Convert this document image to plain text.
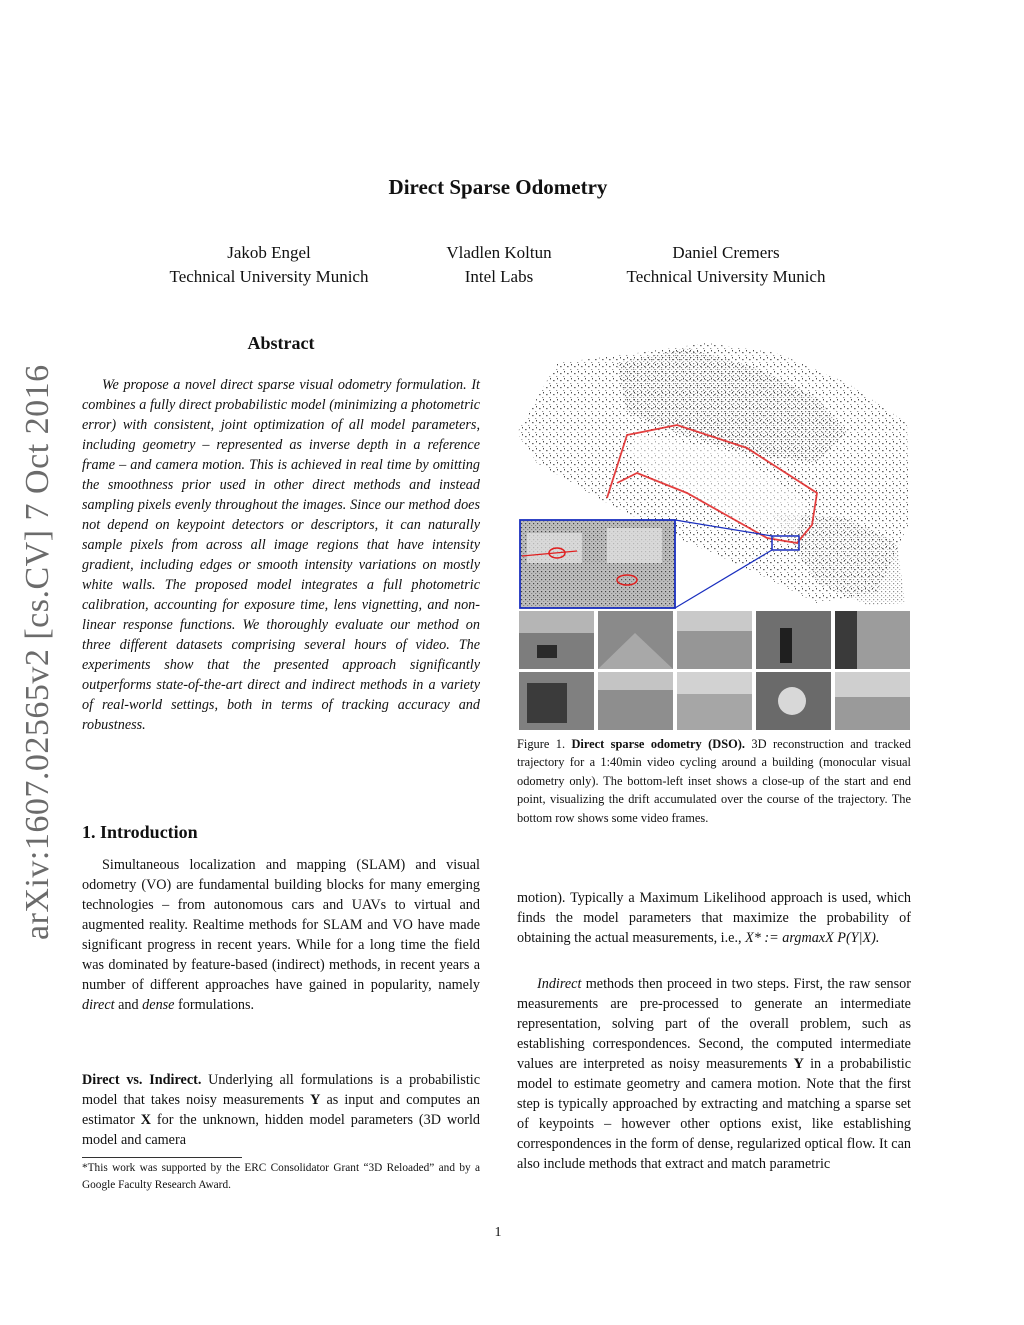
arXiv:1607.02565v2 [cs.CV] 7 Oct 2016
Direct Sparse Odometry
Jakob Engel
Technical University Munich
Vladlen Koltun
Intel Labs
Daniel Cremers
Technical University Munich
Abstract
We propose a novel direct sparse visual odometry formulation. It combines a fully direct probabilistic model (minimizing a photometric error) with consistent, joint optimization of all model parameters, including geometry – represented as inverse depth in a reference frame – and camera motion. This is achieved in real time by omitting the smoothness prior used in other direct methods and instead sampling pixels evenly throughout the images. Since our method does not depend on keypoint detectors or descriptors, it can naturally sample pixels from across all image regions that have intensity gradient, including edges or smooth intensity variations on mostly white walls. The proposed model integrates a full photometric calibration, accounting for exposure time, lens vignetting, and non-linear response functions. We thoroughly evaluate our method on three different datasets comprising several hours of video. The experiments show that the presented approach significantly outperforms state-of-the-art direct and indirect methods in a variety of real-world settings, both in terms of tracking accuracy and robustness.
1. Introduction
Simultaneous localization and mapping (SLAM) and visual odometry (VO) are fundamental building blocks for many emerging technologies – from autonomous cars and UAVs to virtual and augmented reality. Realtime methods for SLAM and VO have made significant progress in recent years. While for a long time the field was dominated by feature-based (indirect) methods, in recent years a number of different approaches have gained in popularity, namely direct and dense formulations.
Direct vs. Indirect. Underlying all formulations is a probabilistic model that takes noisy measurements Y as input and computes an estimator X for the unknown, hidden model parameters (3D world model and camera
*This work was supported by the ERC Consolidator Grant “3D Reloaded” and by a Google Faculty Research Award.
Figure 1. Direct sparse odometry (DSO). 3D reconstruction and tracked trajectory for a 1:40min video cycling around a building (monocular visual odometry only). The bottom-left inset shows a close-up of the start and end point, visualizing the drift accumulated over the course of the trajectory. The bottom row shows some video frames.
motion). Typically a Maximum Likelihood approach is used, which finds the model parameters that maximize the probability of obtaining the actual measurements, i.e., X* := argmaxX P(Y|X).
Indirect methods then proceed in two steps. First, the raw sensor measurements are pre-processed to generate an intermediate representation, solving part of the overall problem, such as establishing correspondences. Second, the computed intermediate values are interpreted as noisy measurements Y in a probabilistic model to estimate geometry and camera motion. Note that the first step is typically approached by extracting and matching a sparse set of keypoints – however other options exist, like establishing correspondences in the form of dense, regularized optical flow. It can also include methods that extract and match parametric
1
